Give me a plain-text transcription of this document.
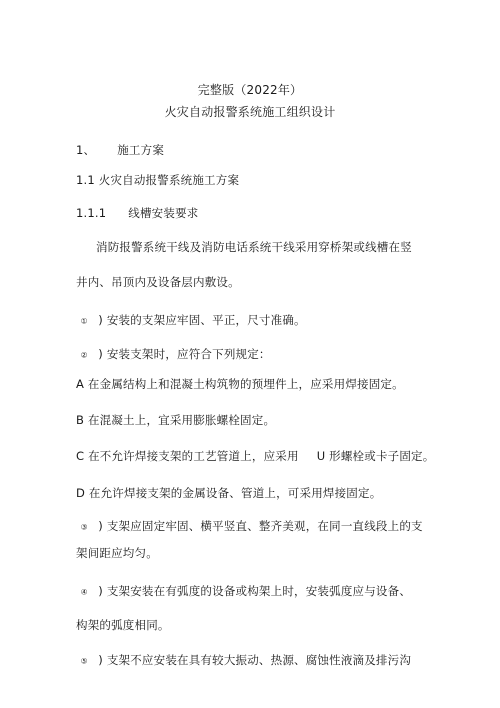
完整版（2022年）
火灾自动报警系统施工组织设计
1、 施工方案
1.1 火灾自动报警系统施工方案
1.1.1 线槽安装要求
消防报警系统干线及消防电话系统干线采用穿桥架或线槽在竖
井内、吊顶内及设备层内敷设。
① ) 安装的支架应牢固、平正，尺寸准确。
② ) 安装支架时，应符合下列规定：
A 在金属结构上和混凝土构筑物的预埋件上，应采用焊接固定。
B 在混凝土上，宜采用膨胀螺栓固定。
C 在不允许焊接支架的工艺管道上，应采用 U 形螺栓或卡子固定。
D 在允许焊接支架的金属设备、管道上，可采用焊接固定。
③ ) 支架应固定牢固、横平竖直、整齐美观，在同一直线段上的支
架间距应均匀。
④ ) 支架安装在有弧度的设备或构架上时，安装弧度应与设备、
构架的弧度相同。
⑤ ) 支架不应安装在具有较大振动、热源、腐蚀性液滴及排污沟
